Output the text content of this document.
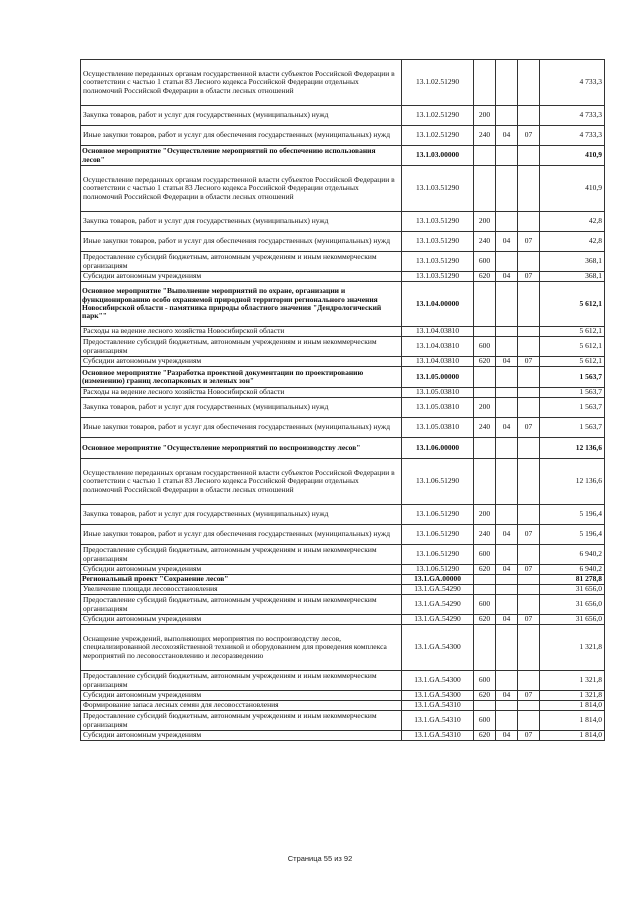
Осуществление переданных органам государственной власти субъектов Российской Федерации в соответствии с частью 1 статьи 83 Лесного кодекса Российской Федерации отдельных полномочий Российской Федерации в области лесных отношений	13.1.02.51290				4 733,3
Закупка товаров, работ и услуг для государственных (муниципальных) нужд	13.1.02.51290	200			4 733,3
Иные закупки товаров, работ и услуг для обеспечения государственных (муниципальных) нужд	13.1.02.51290	240	04	07	4 733,3
Основное мероприятие "Осуществление мероприятий по обеспечению использования лесов"	13.1.03.00000				410,9
Осуществление переданных органам государственной власти субъектов Российской Федерации в соответствии с частью 1 статьи 83 Лесного кодекса Российской Федерации отдельных полномочий Российской Федерации в области лесных отношений	13.1.03.51290				410,9
Закупка товаров, работ и услуг для государственных (муниципальных) нужд	13.1.03.51290	200			42,8
Иные закупки товаров, работ и услуг для обеспечения государственных (муниципальных) нужд	13.1.03.51290	240	04	07	42,8
Предоставление субсидий бюджетным, автономным учреждениям и иным некоммерческим организациям	13.1.03.51290	600			368,1
Субсидии автономным учреждениям	13.1.03.51290	620	04	07	368,1
Основное мероприятие "Выполнение мероприятий по охране, организации и функционированию особо охраняемой природной территории регионального значения Новосибирской области - памятника природы областного значения "Дендрологический парк""	13.1.04.00000				5 612,1
Расходы на ведение лесного хозяйства Новосибирской области	13.1.04.03810				5 612,1
Предоставление субсидий бюджетным, автономным учреждениям и иным некоммерческим организациям	13.1.04.03810	600			5 612,1
Субсидии автономным учреждениям	13.1.04.03810	620	04	07	5 612,1
Основное мероприятие "Разработка проектной документации по проектированию (изменению) границ лесопарковых и зеленых зон"	13.1.05.00000				1 563,7
Расходы на ведение лесного хозяйства Новосибирской области	13.1.05.03810				1 563,7
Закупка товаров, работ и услуг для государственных (муниципальных) нужд	13.1.05.03810	200			1 563,7
Иные закупки товаров, работ и услуг для обеспечения государственных (муниципальных) нужд	13.1.05.03810	240	04	07	1 563,7
Основное мероприятие "Осуществление мероприятий по воспроизводству лесов"	13.1.06.00000				12 136,6
Осуществление переданных органам государственной власти субъектов Российской Федерации в соответствии с частью 1 статьи 83 Лесного кодекса Российской Федерации отдельных полномочий Российской Федерации в области лесных отношений	13.1.06.51290				12 136,6
Закупка товаров, работ и услуг для государственных (муниципальных) нужд	13.1.06.51290	200			5 196,4
Иные закупки товаров, работ и услуг для обеспечения государственных (муниципальных) нужд	13.1.06.51290	240	04	07	5 196,4
Предоставление субсидий бюджетным, автономным учреждениям и иным некоммерческим организациям	13.1.06.51290	600			6 940,2
Субсидии автономным учреждениям	13.1.06.51290	620	04	07	6 940,2
Региональный проект "Сохранение лесов"	13.1.GA.00000				81 278,8
Увеличение площади лесовосстановления	13.1.GA.54290				31 656,0
Предоставление субсидий бюджетным, автономным учреждениям и иным некоммерческим организациям	13.1.GA.54290	600			31 656,0
Субсидии автономным учреждениям	13.1.GA.54290	620	04	07	31 656,0
Оснащение учреждений, выполняющих мероприятия по воспроизводству лесов, специализированной лесохозяйственной техникой и оборудованием для проведения комплекса мероприятий по лесовосстановлению и лесоразведению	13.1.GA.54300				1 321,8
Предоставление субсидий бюджетным, автономным учреждениям и иным некоммерческим организациям	13.1.GA.54300	600			1 321,8
Субсидии автономным учреждениям	13.1.GA.54300	620	04	07	1 321,8
Формирование запаса лесных семян для лесовосстановления	13.1.GA.54310				1 814,0
Предоставление субсидий бюджетным, автономным учреждениям и иным некоммерческим организациям	13.1.GA.54310	600			1 814,0
Субсидии автономным учреждениям	13.1.GA.54310	620	04	07	1 814,0
Страница 55 из 92
